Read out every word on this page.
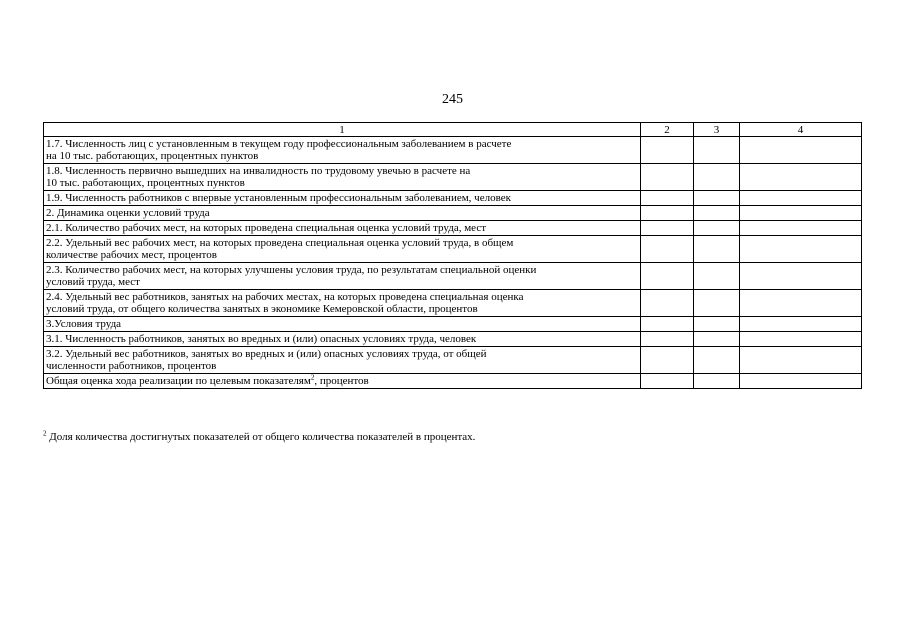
245
1	2	3	4
1.7. Численность лиц с установленным в текущем году профессиональным заболеванием в расчете
на 10 тыс. работающих, процентных пунктов			
1.8. Численность первично вышедших на инвалидность по трудовому увечью в расчете на
10 тыс. работающих, процентных пунктов			
1.9. Численность работников с впервые установленным профессиональным заболеванием, человек			
2. Динамика оценки условий труда			
2.1. Количество рабочих мест, на которых проведена специальная оценка условий труда, мест			
2.2. Удельный вес рабочих мест, на которых проведена специальная оценка условий труда, в общем
количестве рабочих мест, процентов			
2.3. Количество рабочих мест, на которых улучшены условия труда, по результатам специальной оценки
условий труда, мест			
2.4. Удельный вес работников, занятых на рабочих местах, на которых проведена специальная оценка
условий труда, от общего количества занятых в экономике Кемеровской области, процентов			
3.Условия труда			
3.1. Численность работников, занятых во вредных и (или) опасных условиях труда, человек			
3.2. Удельный вес работников, занятых во вредных и (или) опасных условиях труда, от общей
численности работников, процентов			
Общая оценка хода реализации по целевым показателям$^2$, процентов			
$^2$ Доля количества достигнутых показателей от общего количества показателей в процентах.
